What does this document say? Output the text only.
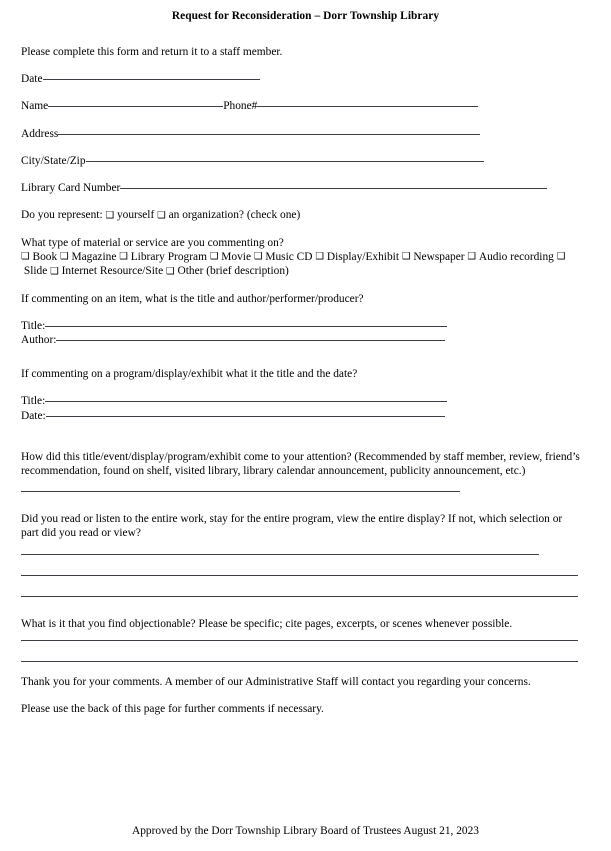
Request for Reconsideration – Dorr Township Library

Please complete this form and return it to a staff member.

Date
Name	Phone#
Address
City/State/Zip
Library Card Number

Do you represent: ❑ yourself ❑ an organization? (check one)

What type of material or service are you commenting on?

❑ Book ❑ Magazine ❑ Library Program ❑ Movie ❑ Music CD ❑ Display/Exhibit ❑ Newspaper ❑ Audio recording ❑ Slide ❑ Internet Resource/Site ❑ Other (brief description)

If commenting on an item, what is the title and author/performer/producer?

Title:
Author:

If commenting on a program/display/exhibit what it the title and the date?

Title:
Date:

How did this title/event/display/program/exhibit come to your attention? (Recommended by staff member, review, friend’s recommendation, found on shelf, visited library, library calendar announcement, publicity announcement, etc.)

Did you read or listen to the entire work, stay for the entire program, view the entire display? If not, which selection or part did you read or view?

What is it that you find objectionable? Please be specific; cite pages, excerpts, or scenes whenever possible.

Thank you for your comments. A member of our Administrative Staff will contact you regarding your concerns.

Please use the back of this page for further comments if necessary.

Approved by the Dorr Township Library Board of Trustees August 21, 2023
